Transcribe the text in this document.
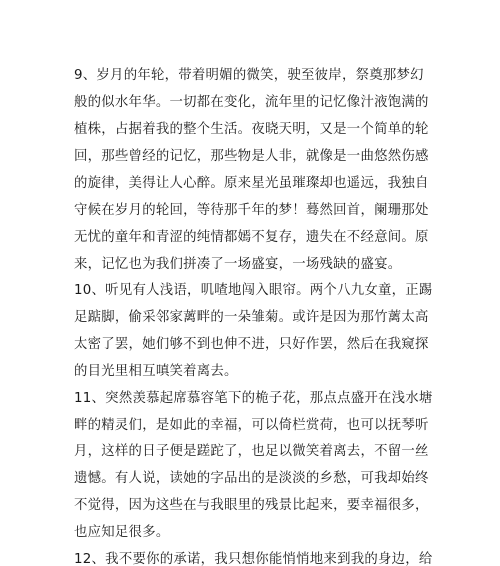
9、岁月的年轮，带着明媚的微笑，驶至彼岸，祭奠那梦幻
般的似水年华。一切都在变化，流年里的记忆像汁液饱满的
植株，占据着我的整个生活。夜晓天明，又是一个简单的轮
回，那些曾经的记忆，那些物是人非，就像是一曲悠然伤感
的旋律，美得让人心醉。原来星光虽璀璨却也遥远，我独自
守候在岁月的轮回，等待那千年的梦！蓦然回首，阑珊那处
无忧的童年和青涩的纯情都嫣不复存，遗失在不经意间。原
来，记忆也为我们拼凑了一场盛宴，一场残缺的盛宴。
10、听见有人浅语，叽喳地闯入眼帘。两个八九女童，正踢
足踮脚，偷采邻家蓠畔的一朵雏菊。或许是因为那竹蓠太高
太密了罢，她们够不到也伸不进，只好作罢，然后在我窥探
的目光里相互嗔笑着离去。
11、突然羡慕起席慕容笔下的桅子花，那点点盛开在浅水塘
畔的精灵们，是如此的幸福，可以倚栏赏荷，也可以抚琴听
月，这样的日子便是蹉跎了，也足以微笑着离去，不留一丝
遗憾。有人说，读她的字品出的是淡淡的乡愁，可我却始终
不觉得，因为这些在与我眼里的残景比起来，要幸福很多，
也应知足很多。
12、我不要你的承诺，我只想你能悄悄地来到我的身边，给
